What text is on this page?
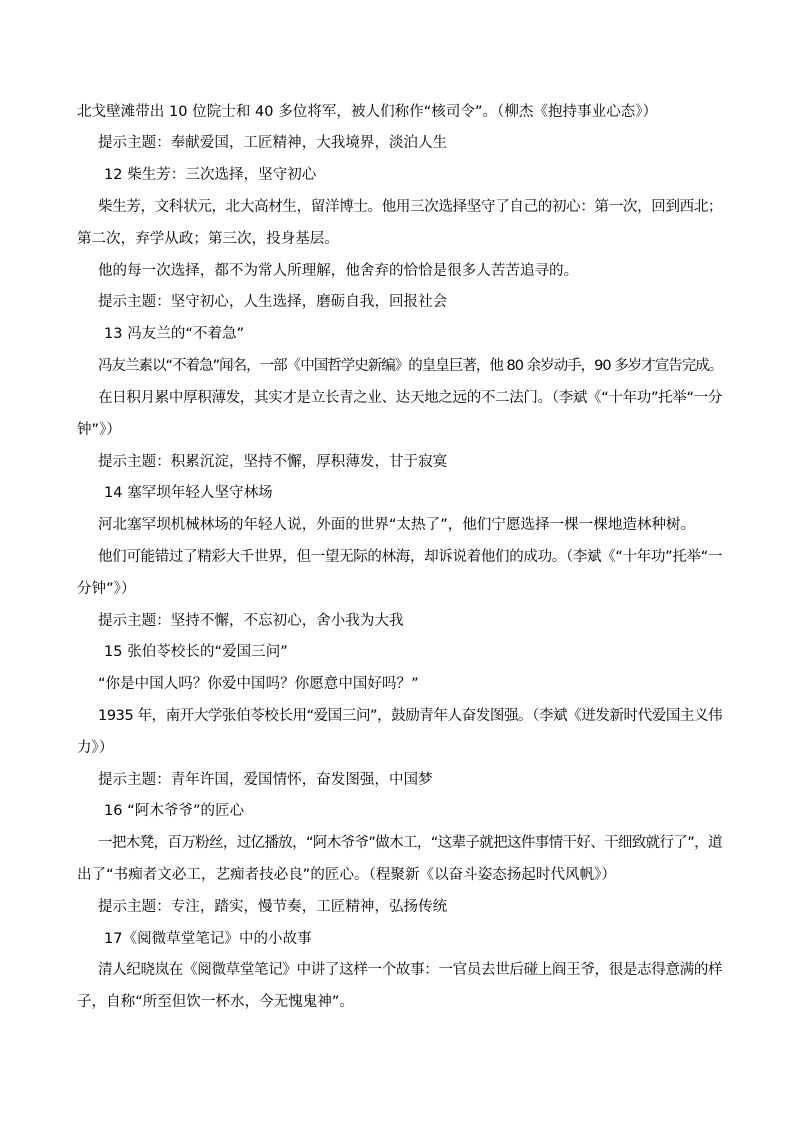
北戈壁滩带出 10 位院士和 40 多位将军，被人们称作“核司令”。（柳杰《抱持事业心态》）

提示主题：奉献爱国，工匠精神，大我境界，淡泊人生

12 柴生芳：三次选择，坚守初心

柴生芳，文科状元，北大高材生，留洋博士。他用三次选择坚守了自己的初心：第一次，回到西北；

第二次，弃学从政；第三次，投身基层。

他的每一次选择，都不为常人所理解，他舍弃的恰恰是很多人苦苦追寻的。

提示主题：坚守初心，人生选择，磨砺自我，回报社会

13 冯友兰的“不着急”

冯友兰素以“不着急”闻名，一部《中国哲学史新编》的皇皇巨著，他 80 余岁动手，90 多岁才宣告完成。

在日积月累中厚积薄发，其实才是立长青之业、达天地之远的不二法门。（李斌《“十年功”托举“一分

钟”》）

提示主题：积累沉淀，坚持不懈，厚积薄发，甘于寂寞

14 塞罕坝年轻人坚守林场

河北塞罕坝机械林场的年轻人说，外面的世界“太热了”，他们宁愿选择一棵一棵地造林种树。

他们可能错过了精彩大千世界，但一望无际的林海，却诉说着他们的成功。（李斌《“十年功”托举“一

分钟”》）

提示主题：坚持不懈，不忘初心，舍小我为大我

15 张伯苓校长的“爱国三问”

“你是中国人吗？你爱中国吗？你愿意中国好吗？”

1935 年，南开大学张伯苓校长用“爱国三问”，鼓励青年人奋发图强。（李斌《迸发新时代爱国主义伟

力》）

提示主题：青年许国，爱国情怀，奋发图强，中国梦

16 “阿木爷爷”的匠心

一把木凳，百万粉丝，过亿播放，“阿木爷爷”做木工，“这辈子就把这件事情干好、干细致就行了”，道

出了“书痴者文必工，艺痴者技必良”的匠心。（程聚新《以奋斗姿态扬起时代风帆》）

提示主题：专注，踏实，慢节奏，工匠精神，弘扬传统

17《阅微草堂笔记》中的小故事

清人纪晓岚在《阅微草堂笔记》中讲了这样一个故事：一官员去世后碰上阎王爷，很是志得意满的样

子，自称“所至但饮一杯水，今无愧鬼神”。
